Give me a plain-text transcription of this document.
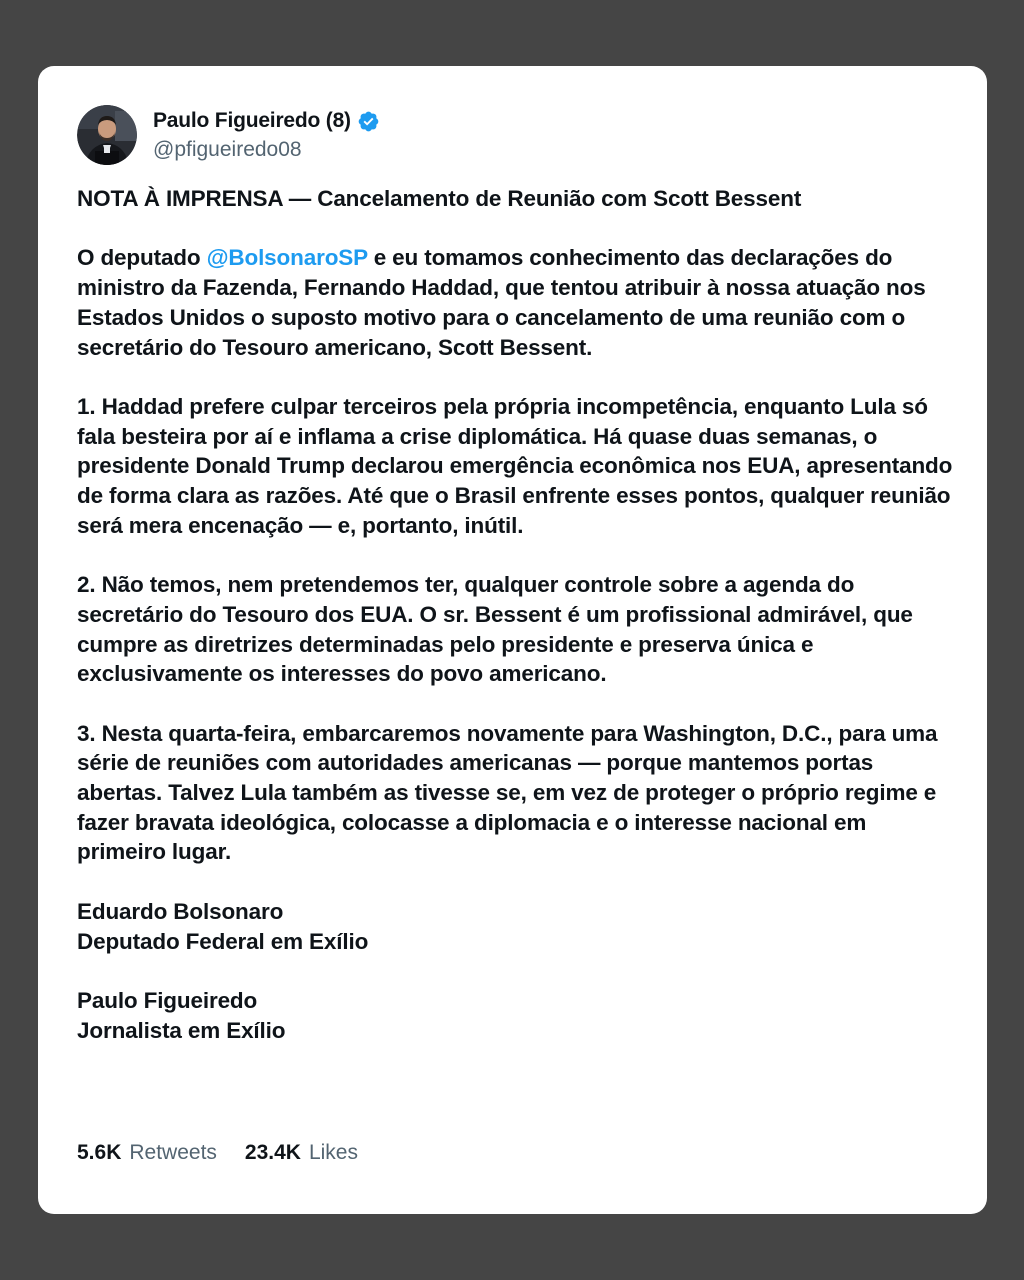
Paulo Figueiredo (8)
@pfigueiredo08

NOTA À IMPRENSA — Cancelamento de Reunião com Scott Bessent

O deputado @BolsonaroSP e eu tomamos conhecimento das declarações do ministro da Fazenda, Fernando Haddad, que tentou atribuir à nossa atuação nos Estados Unidos o suposto motivo para o cancelamento de uma reunião com o secretário do Tesouro americano, Scott Bessent.

1. Haddad prefere culpar terceiros pela própria incompetência, enquanto Lula só fala besteira por aí e inflama a crise diplomática. Há quase duas semanas, o presidente Donald Trump declarou emergência econômica nos EUA, apresentando de forma clara as razões. Até que o Brasil enfrente esses pontos, qualquer reunião será mera encenação — e, portanto, inútil.

2. Não temos, nem pretendemos ter, qualquer controle sobre a agenda do secretário do Tesouro dos EUA. O sr. Bessent é um profissional admirável, que cumpre as diretrizes determinadas pelo presidente e preserva única e exclusivamente os interesses do povo americano.

3. Nesta quarta-feira, embarcaremos novamente para Washington, D.C., para uma série de reuniões com autoridades americanas — porque mantemos portas abertas. Talvez Lula também as tivesse se, em vez de proteger o próprio regime e fazer bravata ideológica, colocasse a diplomacia e o interesse nacional em primeiro lugar.

Eduardo Bolsonaro

Deputado Federal em Exílio

Paulo Figueiredo

Jornalista em Exílio

5.6K Retweets 23.4K Likes
